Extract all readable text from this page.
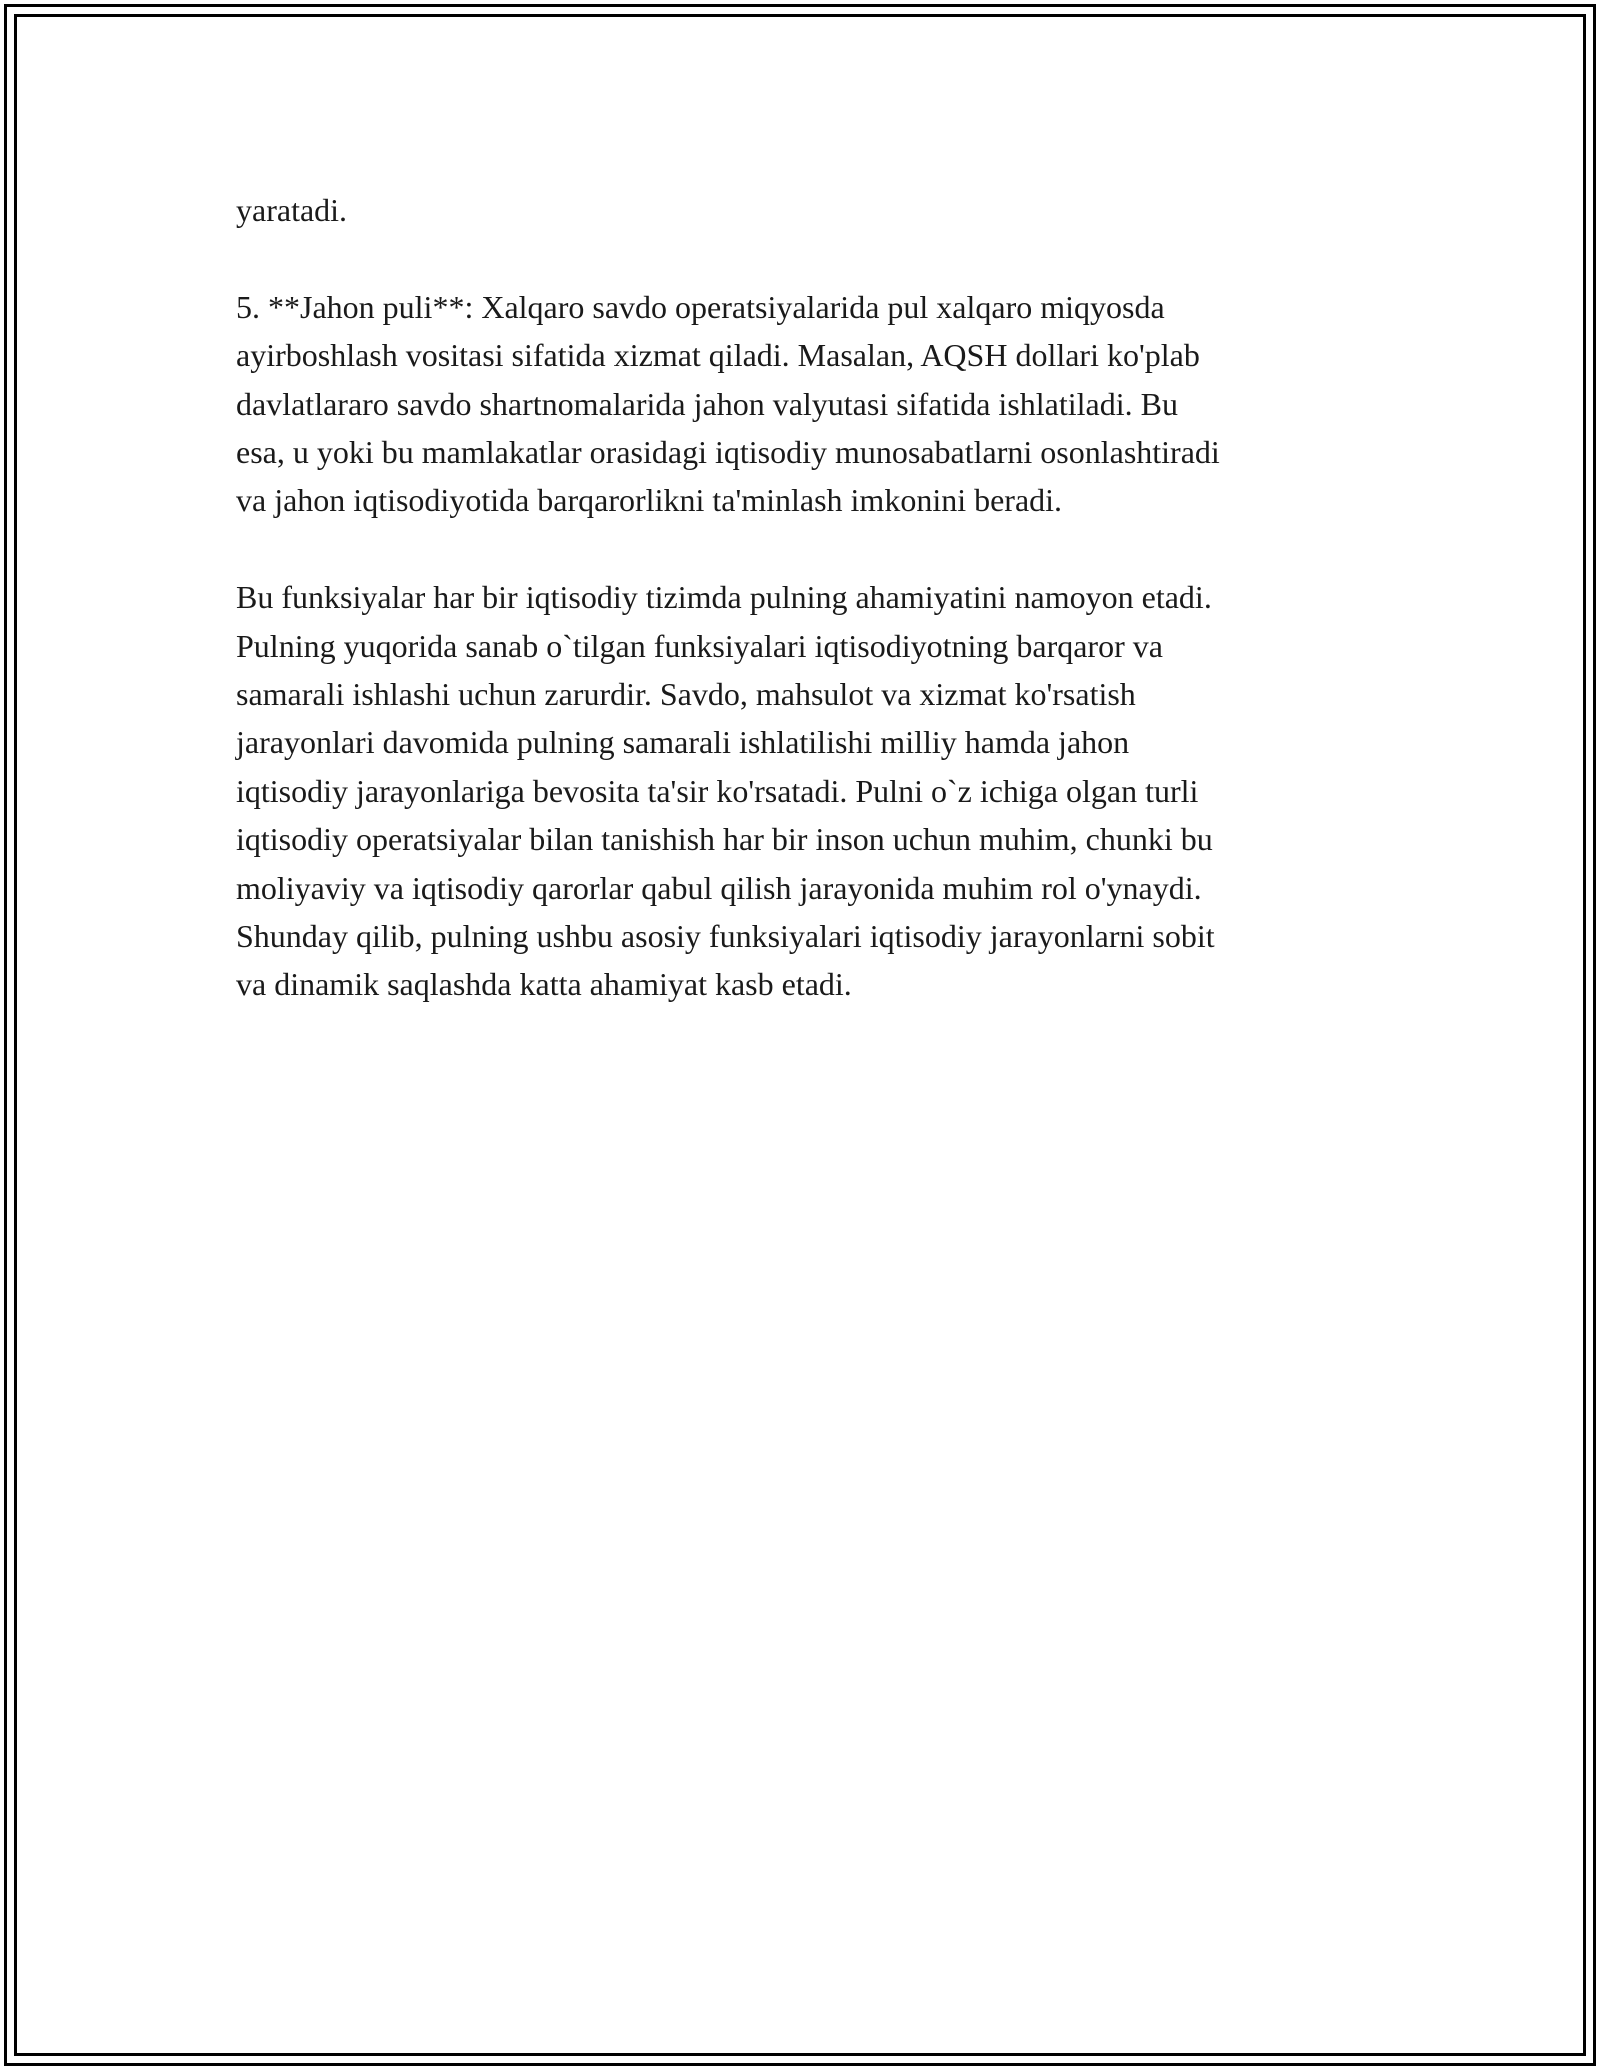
yaratadi.
5. **Jahon puli**: Xalqaro savdo operatsiyalarida pul xalqaro miqyosda
ayirboshlash vositasi sifatida xizmat qiladi. Masalan, AQSH dollari ko'plab
davlatlararo savdo shartnomalarida jahon valyutasi sifatida ishlatiladi. Bu
esa, u yoki bu mamlakatlar orasidagi iqtisodiy munosabatlarni osonlashtiradi
va jahon iqtisodiyotida barqarorlikni ta'minlash imkonini beradi.
Bu funksiyalar har bir iqtisodiy tizimda pulning ahamiyatini namoyon etadi.
Pulning yuqorida sanab o`tilgan funksiyalari iqtisodiyotning barqaror va
samarali ishlashi uchun zarurdir. Savdo, mahsulot va xizmat ko'rsatish
jarayonlari davomida pulning samarali ishlatilishi milliy hamda jahon
iqtisodiy jarayonlariga bevosita ta'sir ko'rsatadi. Pulni o`z ichiga olgan turli
iqtisodiy operatsiyalar bilan tanishish har bir inson uchun muhim, chunki bu
moliyaviy va iqtisodiy qarorlar qabul qilish jarayonida muhim rol o'ynaydi.
Shunday qilib, pulning ushbu asosiy funksiyalari iqtisodiy jarayonlarni sobit
va dinamik saqlashda katta ahamiyat kasb etadi.
